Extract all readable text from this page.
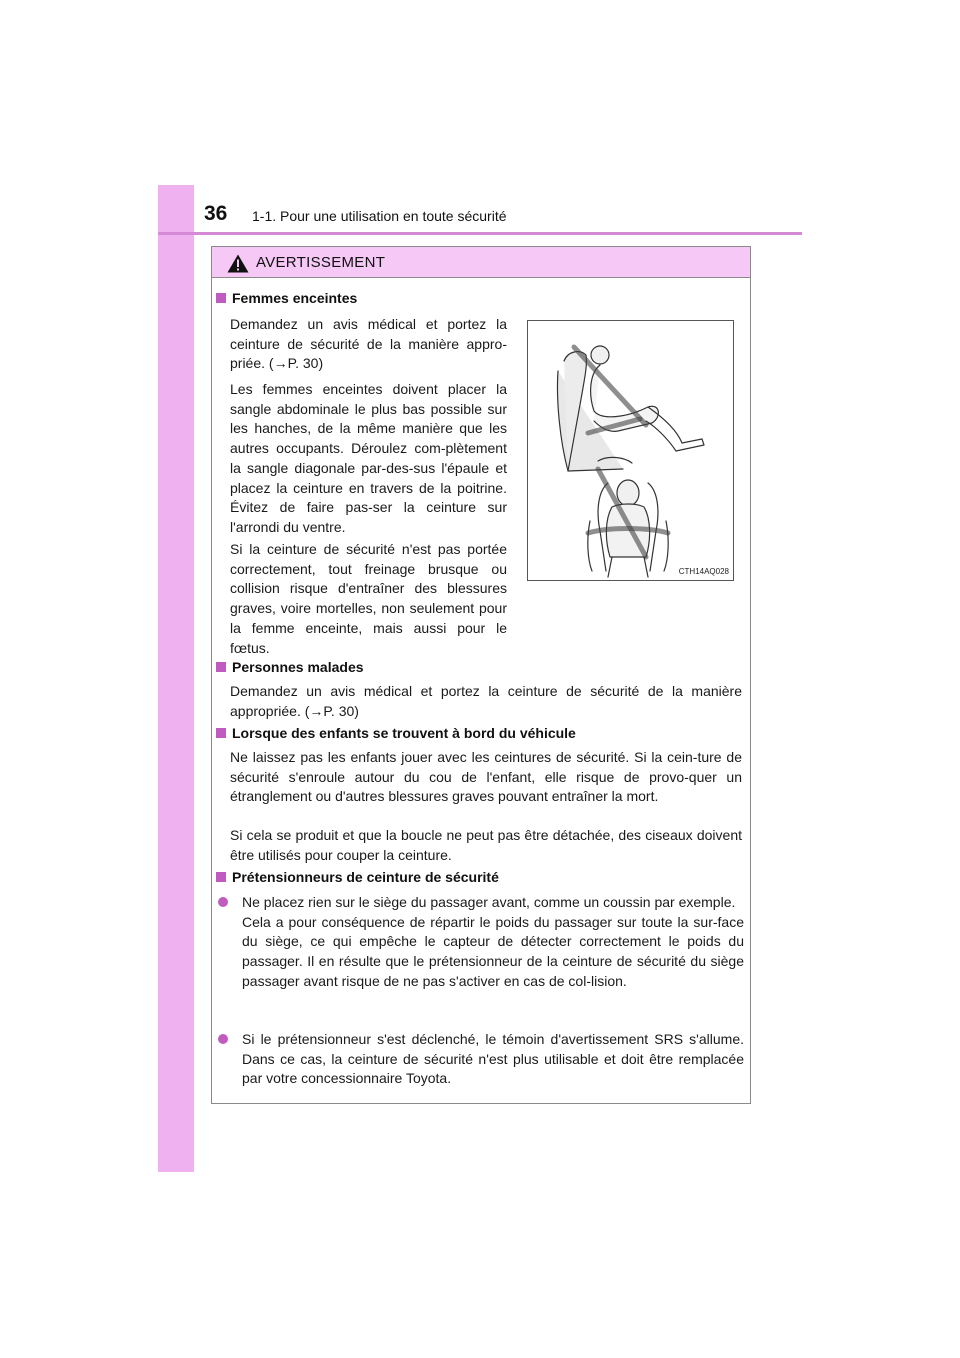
36 1-1. Pour une utilisation en toute sécurité
AVERTISSEMENT
Femmes enceintes
Demandez un avis médical et portez la ceinture de sécurité de la manière appro-priée. (→P. 30)
Les femmes enceintes doivent placer la sangle abdominale le plus bas possible sur les hanches, de la même manière que les autres occupants. Déroulez com-plètement la sangle diagonale par-des-sus l'épaule et placez la ceinture en travers de la poitrine. Évitez de faire pas-ser la ceinture sur l'arrondi du ventre.
Si la ceinture de sécurité n'est pas portée correctement, tout freinage brusque ou collision risque d'entraîner des blessures graves, voire mortelles, non seulement pour la femme enceinte, mais aussi pour le fœtus.
CTH14AQ028
Personnes malades
Demandez un avis médical et portez la ceinture de sécurité de la manière appropriée. (→P. 30)
Lorsque des enfants se trouvent à bord du véhicule
Ne laissez pas les enfants jouer avec les ceintures de sécurité. Si la cein-ture de sécurité s'enroule autour du cou de l'enfant, elle risque de provo-quer un étranglement ou d'autres blessures graves pouvant entraîner la mort.
Si cela se produit et que la boucle ne peut pas être détachée, des ciseaux doivent être utilisés pour couper la ceinture.
Prétensionneurs de ceinture de sécurité
Ne placez rien sur le siège du passager avant, comme un coussin par exemple.
Cela a pour conséquence de répartir le poids du passager sur toute la sur-face du siège, ce qui empêche le capteur de détecter correctement le poids du passager. Il en résulte que le prétensionneur de la ceinture de sécurité du siège passager avant risque de ne pas s'activer en cas de col-lision.
Si le prétensionneur s'est déclenché, le témoin d'avertissement SRS s'allume. Dans ce cas, la ceinture de sécurité n'est plus utilisable et doit être remplacée par votre concessionnaire Toyota.
